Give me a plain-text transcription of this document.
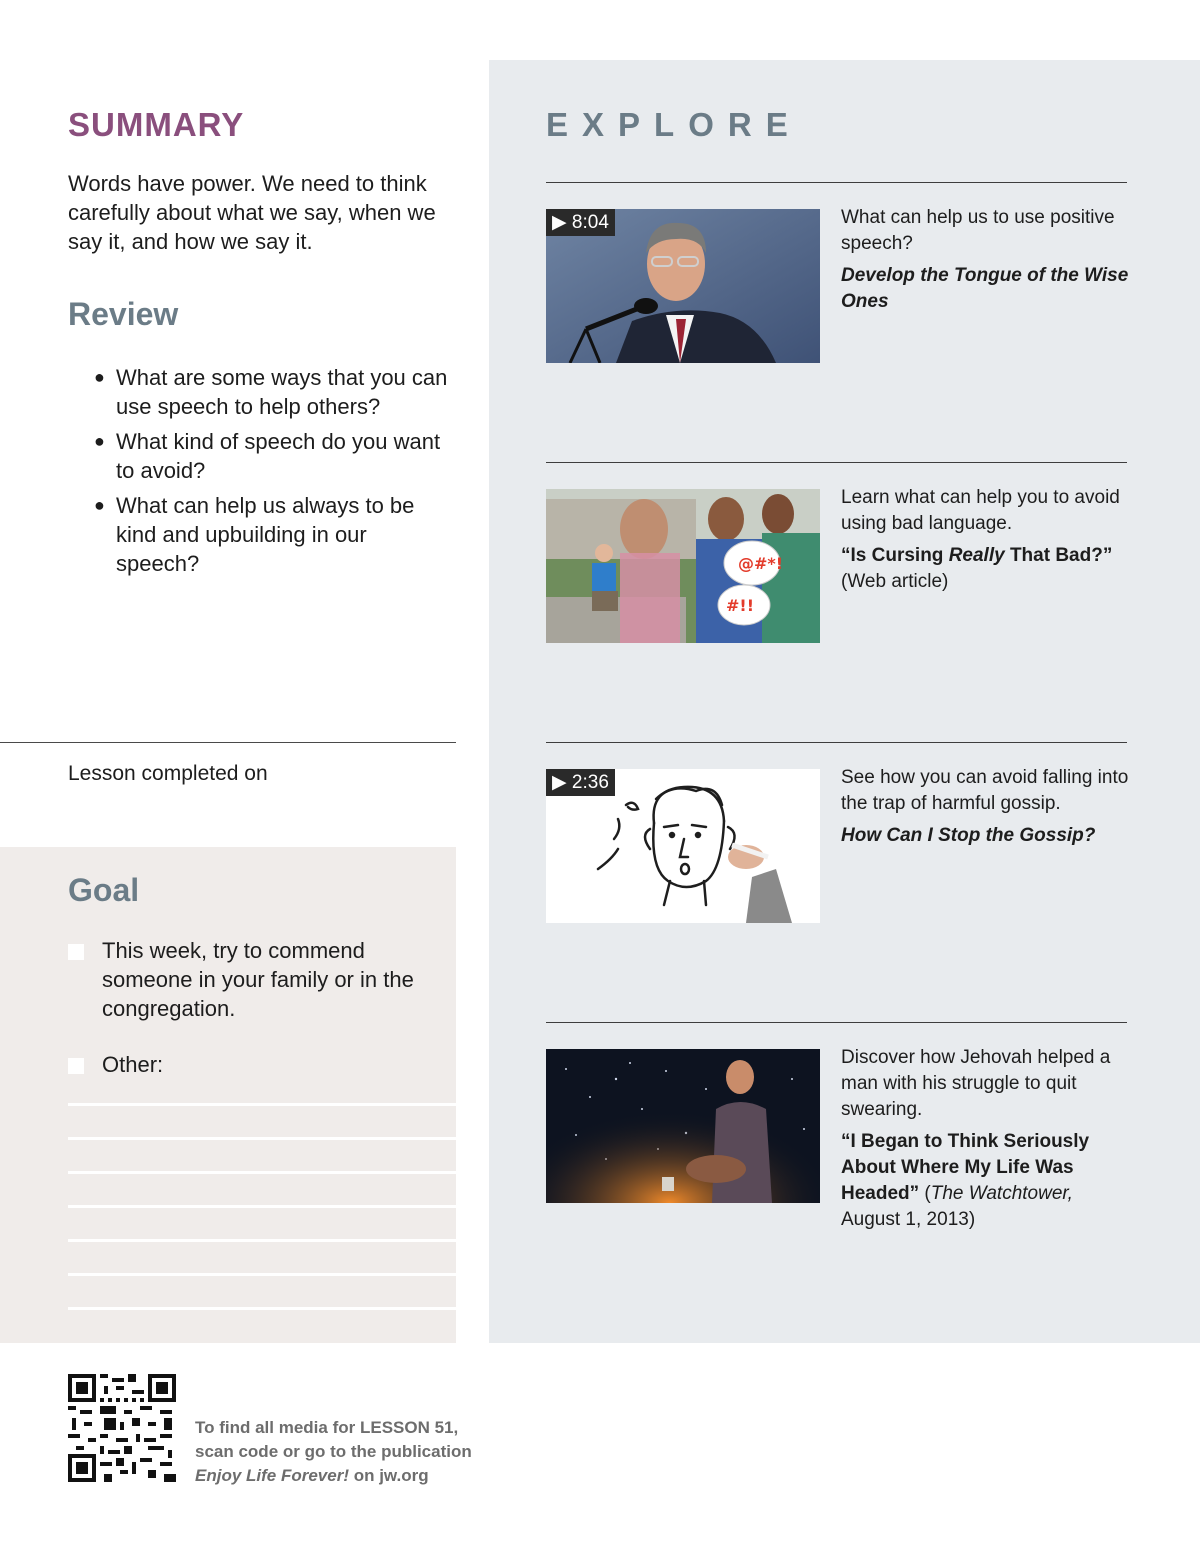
SUMMARY

Words have power. We need to think carefully about what we say, when we say it, and how we say it.

Review
● What are some ways that you can use speech to help others?
● What kind of speech do you want to avoid?
● What can help us always to be kind and upbuilding in our speech?
Lesson completed on
Goal
This week, try to commend someone in your family or in the congregation.
Other:
EXPLORE
▶ 8:04	What can help us to use positive speech?
Develop the Tongue of the Wise Ones
@#*!
#!!
Learn what can help you to avoid using bad language.
“Is Cursing Really That Bad?”
(Web article)
▶ 2:36	See how you can avoid falling into the trap of harmful gossip.
How Can I Stop the Gossip?
Discover how Jehovah helped a man with his struggle to quit swearing.
“I Began to Think Seriously About Where My Life Was Headed” (The Watchtower, August 1, 2013)
To find all media for LESSON 51,
scan code or go to the publication
Enjoy Life Forever! on jw.org
